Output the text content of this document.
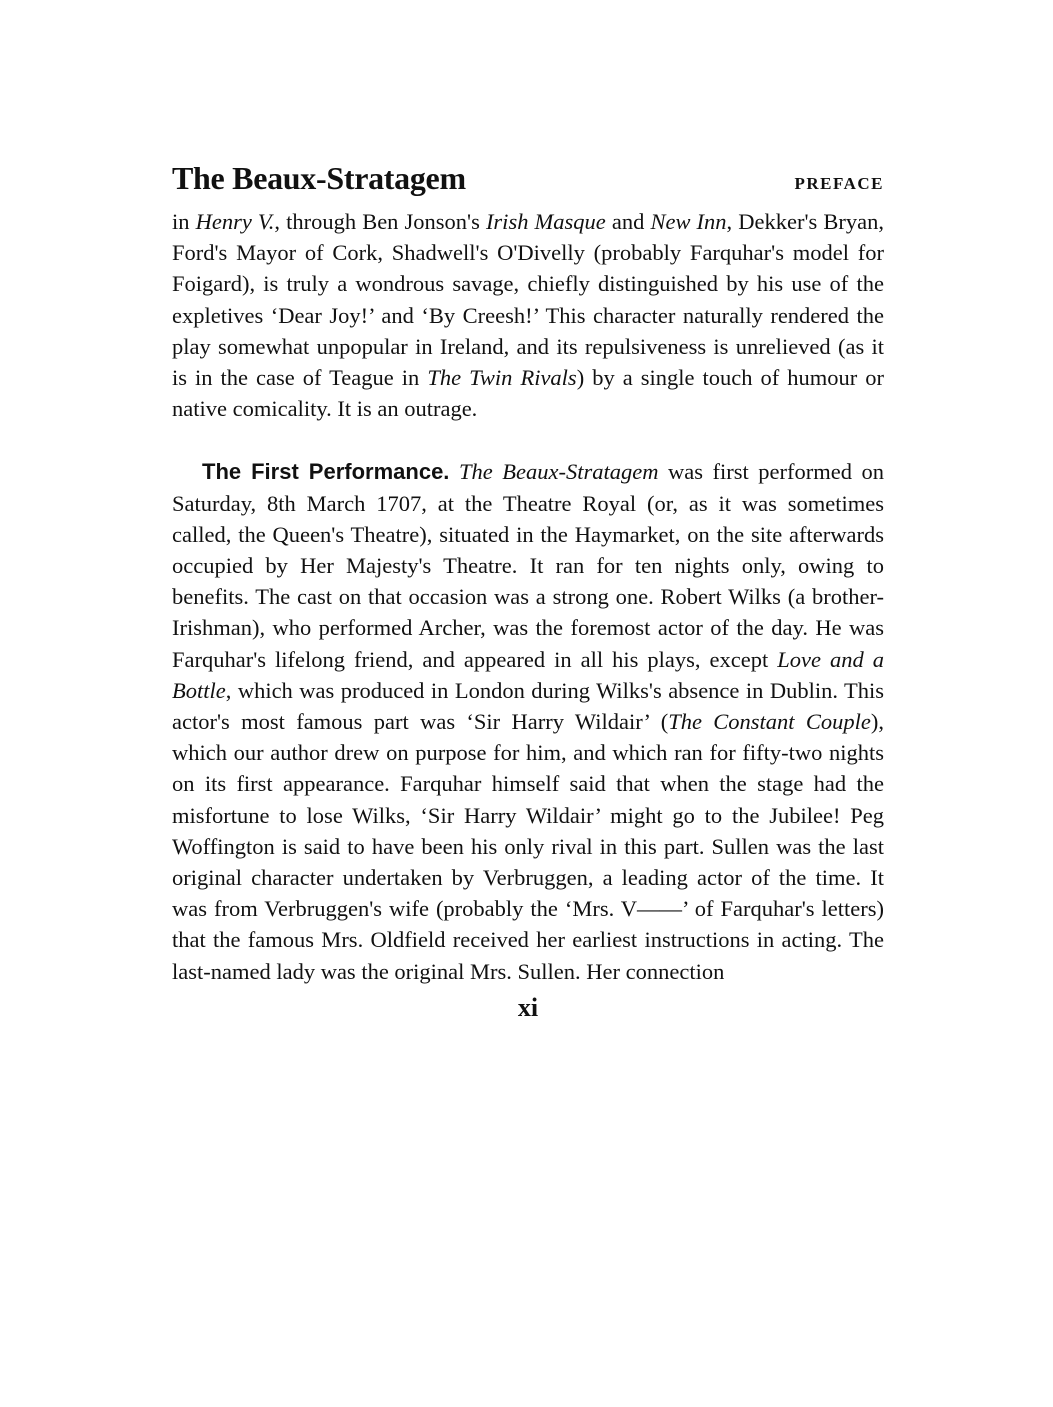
The Beaux-Stratagem	PREFACE

in Henry V., through Ben Jonson's Irish Masque and New Inn, Dekker's Bryan, Ford's Mayor of Cork, Shadwell's O'Divelly (probably Farquhar's model for Foigard), is truly a wondrous savage, chiefly distinguished by his use of the expletives ‘Dear Joy!’ and ‘By Creesh!’ This character naturally rendered the play somewhat unpopular in Ireland, and its repulsiveness is unrelieved (as it is in the case of Teague in The Twin Rivals) by a single touch of humour or native comicality. It is an outrage.

The First Performance. The Beaux-Stratagem was first performed on Saturday, 8th March 1707, at the Theatre Royal (or, as it was sometimes called, the Queen's Theatre), situated in the Haymarket, on the site afterwards occupied by Her Majesty's Theatre. It ran for ten nights only, owing to benefits. The cast on that occasion was a strong one. Robert Wilks (a brother-Irishman), who performed Archer, was the foremost actor of the day. He was Farquhar's lifelong friend, and appeared in all his plays, except Love and a Bottle, which was produced in London during Wilks's absence in Dublin. This actor's most famous part was ‘Sir Harry Wildair’ (The Constant Couple), which our author drew on purpose for him, and which ran for fifty-two nights on its first appearance. Farquhar himself said that when the stage had the misfortune to lose Wilks, ‘Sir Harry Wildair’ might go to the Jubilee! Peg Woffington is said to have been his only rival in this part. Sullen was the last original character undertaken by Verbruggen, a leading actor of the time. It was from Verbruggen's wife (probably the ‘Mrs. V——’ of Farquhar's letters) that the famous Mrs. Oldfield received her earliest instructions in acting. The last-named lady was the original Mrs. Sullen. Her connection

xi
